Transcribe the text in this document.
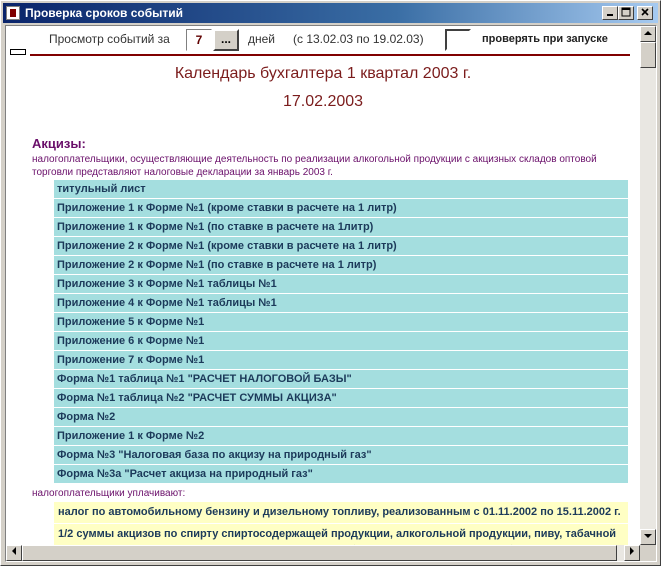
Проверка сроков событий
Просмотр событий за	7	...	дней (с 13.02.03 по 19.02.03)	проверять при запуске
Календарь бухгалтера 1 квартал 2003 г.
17.02.2003
Акцизы:
налогоплательщики, осуществляющие деятельность по реализации алкогольной продукции с акцизных складов оптовой торговли представляют налоговые декларации за январь 2003 г.
титульный лист
Приложение 1 к Форме №1 (кроме ставки в расчете на 1 литр)
Приложение 1 к Форме №1 (по ставке в расчете на 1литр)
Приложение 2 к Форме №1 (кроме ставки в расчете на 1 литр)
Приложение 2 к Форме №1 (по ставке в расчете на 1 литр)
Приложение 3 к Форме №1 таблицы №1
Приложение 4 к Форме №1 таблицы №1
Приложение 5 к Форме №1
Приложение 6 к Форме №1
Приложение 7 к Форме №1
Форма №1 таблица №1 "РАСЧЕТ НАЛОГОВОЙ БАЗЫ"
Форма №1 таблица №2 "РАСЧЕТ СУММЫ АКЦИЗА"
Форма №2
Приложение 1 к Форме №2
Форма №3 "Налоговая база по акцизу на природный газ"
Форма №3а "Расчет акциза на природный газ"
налогоплательщики уплачивают:
налог по автомобильному бензину и дизельному топливу, реализованным с 01.11.2002 по 15.11.2002 г.
1/2 суммы акцизов по спирту спиртосодержащей продукции, алкогольной продукции, пиву, табачной
